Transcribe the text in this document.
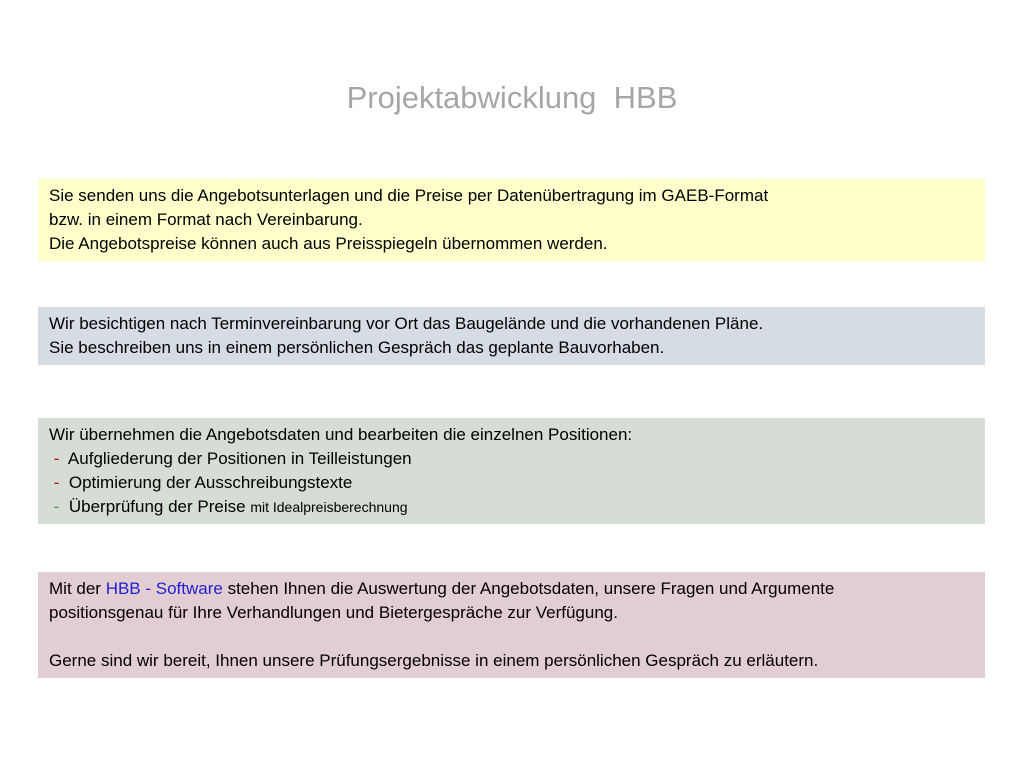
Projektabwicklung  HBB
Sie senden uns die Angebotsunterlagen und die Preise per Datenübertragung im GAEB-Format
bzw. in einem Format nach Vereinbarung.
Die Angebotspreise können auch aus Preisspiegeln übernommen werden.
Wir besichtigen nach Terminvereinbarung vor Ort das Baugelände und die vorhandenen Pläne.
Sie beschreiben uns in einem persönlichen Gespräch das geplante Bauvorhaben.
Wir übernehmen die Angebotsdaten und bearbeiten die einzelnen Positionen:
- Aufgliederung der Positionen in Teilleistungen
- Optimierung der Ausschreibungstexte
- Überprüfung der Preise mit Idealpreisberechnung
Mit der HBB - Software stehen Ihnen die Auswertung der Angebotsdaten, unsere Fragen und Argumente
positionsgenau für Ihre Verhandlungen und Bietergespräche zur Verfügung.
Gerne sind wir bereit, Ihnen unsere Prüfungsergebnisse in einem persönlichen Gespräch zu erläutern.
